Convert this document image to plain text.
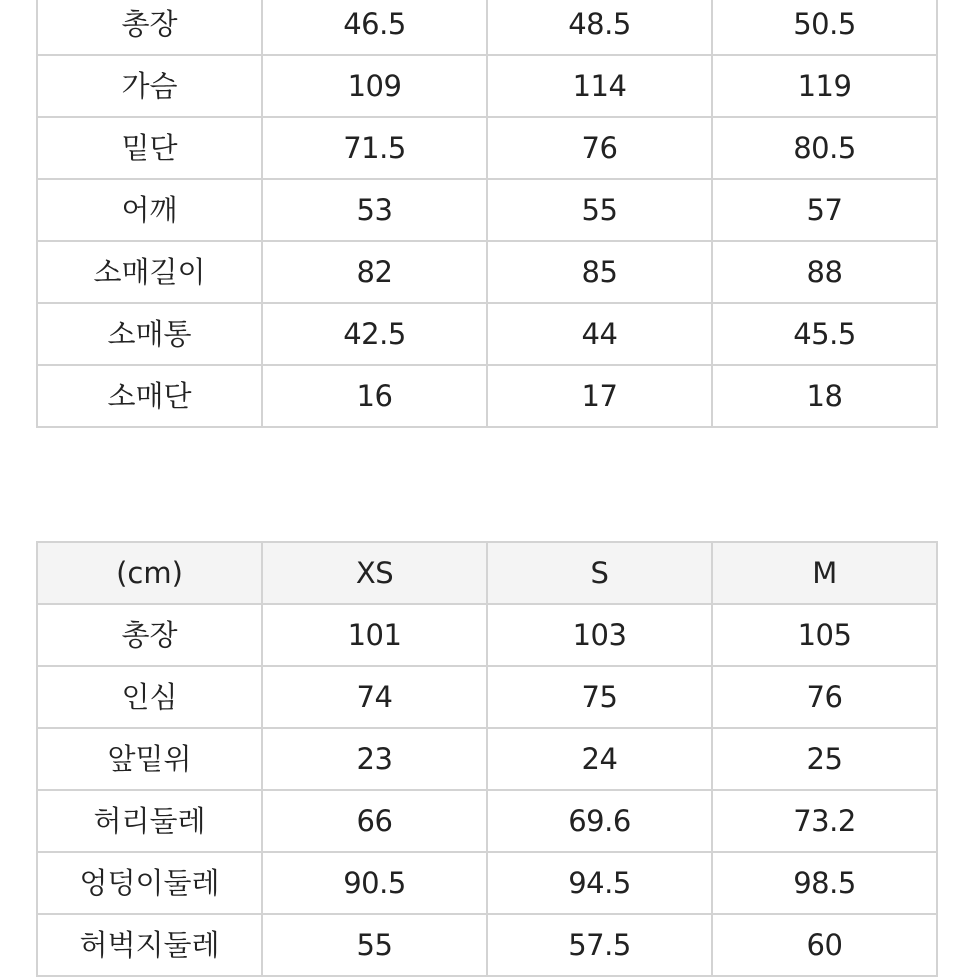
총장	46.5	48.5	50.5
가슴	109	114	119
밑단	71.5	76	80.5
어깨	53	55	57
소매길이	82	85	88
소매통	42.5	44	45.5
소매단	16	17	18
(cm)	XS	S	M
총장	101	103	105
인심	74	75	76
앞밑위	23	24	25
허리둘레	66	69.6	73.2
엉덩이둘레	90.5	94.5	98.5
허벅지둘레	55	57.5	60
